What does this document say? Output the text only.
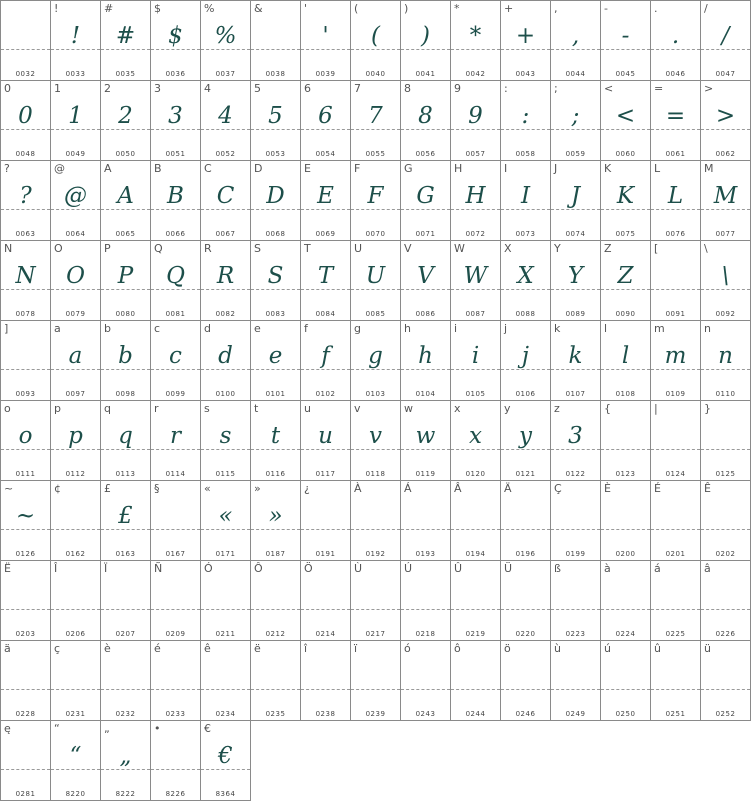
0032
!
!
0033
#
#
0035
$
$
0036
%
%
0037
&
0038
'
'
0039
(
(
0040
)
)
0041
*
*
0042
+
+
0043
,
,
0044
-
-
0045
.
.
0046
/
/
0047
0
0
0048
1
1
0049
2
2
0050
3
3
0051
4
4
0052
5
5
0053
6
6
0054
7
7
0055
8
8
0056
9
9
0057
:
:
0058
;
;
0059
<
<
0060
=
=
0061
>
>
0062
?
?
0063
@
@
0064
A
A
0065
B
B
0066
C
C
0067
D
D
0068
E
E
0069
F
F
0070
G
G
0071
H
H
0072
I
I
0073
J
J
0074
K
K
0075
L
L
0076
M
M
0077
N
N
0078
O
O
0079
P
P
0080
Q
Q
0081
R
R
0082
S
S
0083
T
T
0084
U
U
0085
V
V
0086
W
W
0087
X
X
0088
Y
Y
0089
Z
Z
0090
[
0091
\
\
0092
]
0093
a
a
0097
b
b
0098
c
c
0099
d
d
0100
e
e
0101
f
f
0102
g
g
0103
h
h
0104
i
i
0105
j
j
0106
k
k
0107
l
l
0108
m
m
0109
n
n
0110
o
o
0111
p
p
0112
q
q
0113
r
r
0114
s
s
0115
t
t
0116
u
u
0117
v
v
0118
w
w
0119
x
x
0120
y
y
0121
z
3
0122
{
0123
|
0124
}
0125
~
~
0126
¢
0162
£
£
0163
§
0167
«
«
0171
»
»
0187
¿
0191
À
0192
Á
0193
Â
0194
Ä
0196
Ç
0199
È
0200
É
0201
Ê
0202
Ë
0203
Î
0206
Ï
0207
Ñ
0209
Ó
0211
Ô
0212
Ö
0214
Ù
0217
Ú
0218
Û
0219
Ü
0220
ß
0223
à
0224
á
0225
â
0226
ä
0228
ç
0231
è
0232
é
0233
ê
0234
ë
0235
î
0238
ï
0239
ó
0243
ô
0244
ö
0246
ù
0249
ú
0250
û
0251
ü
0252
ę
0281
“
“
8220
„
„
8222
•
8226
€
€
8364
